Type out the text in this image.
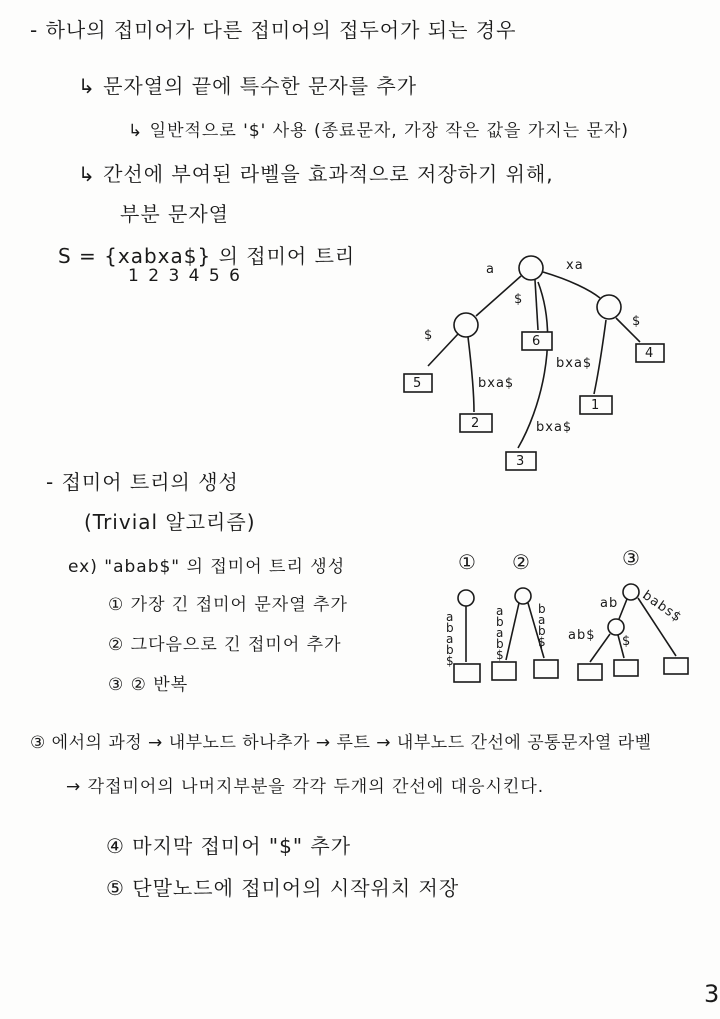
- 하나의 접미어가 다른 접미어의 접두어가 되는 경우
↳ 문자열의 끝에 특수한 문자를 추가
↳ 일반적으로 '$' 사용 (종료문자, 가장 작은 값을 가지는 문자)
↳ 간선에 부여된 라벨을 효과적으로 저장하기 위해,
부분 문자열
S = {xabxa$} 의 접미어 트리
1 2 3 4 5 6	a
$
xa
$
bxa$
bxa$
$
bxa$
5
2
6
3
1
4
- 접미어 트리의 생성
(Trivial 알고리즘)
ex) "abab$" 의 접미어 트리 생성
① 가장 긴 접미어 문자열 추가
② 그다음으로 긴 접미어 추가
③ ② 반복
① ②	③
a
b
a
b
$
a
b
a
b
$
b
a
b
$
ab babs$
ab$ $
③ 에서의 과정 → 내부노드 하나추가 → 루트 → 내부노드 간선에 공통문자열 라벨
→ 각접미어의 나머지부분을 각각 두개의 간선에 대응시킨다.
④ 마지막 접미어 "$" 추가
⑤ 단말노드에 접미어의 시작위치 저장
3
